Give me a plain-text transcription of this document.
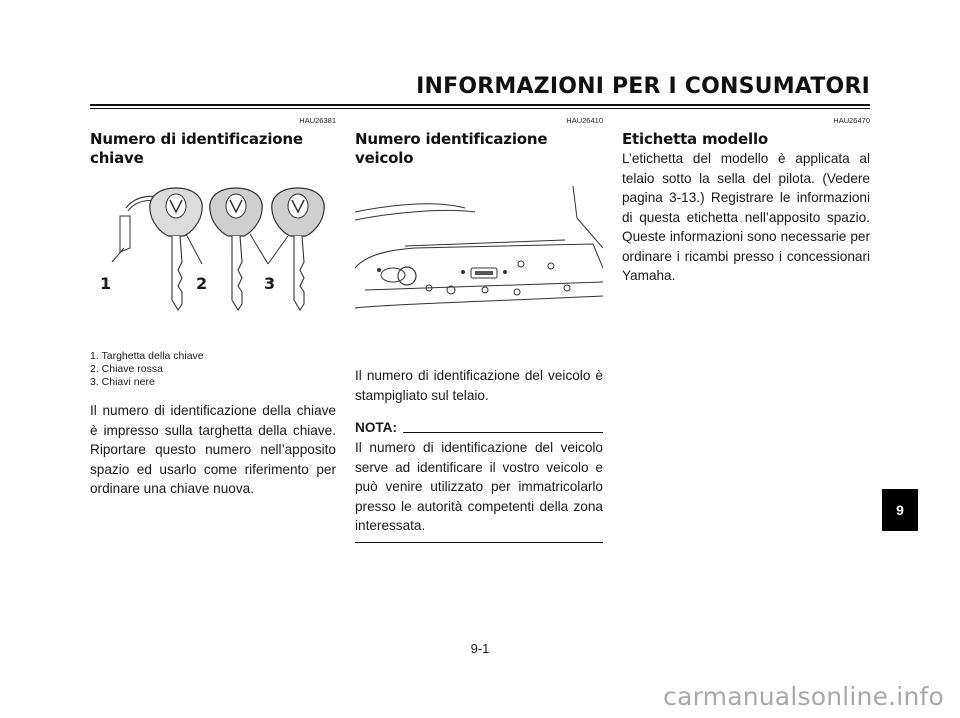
INFORMAZIONI PER I CONSUMATORI
HAU26381
Numero di identificazione chiave
1	2	3
1. Targhetta della chiave
2. Chiave rossa
3. Chiavi nere

Il numero di identificazione della chiave è impresso sulla targhetta della chiave. Riportare questo numero nell’apposito spazio ed usarlo come riferimento per ordinare una chiave nuova.

HAU26410
Numero identificazione veicolo

Il numero di identificazione del veicolo è stampigliato sul telaio.

NOTA:

Il numero di identificazione del veicolo serve ad identificare il vostro veicolo e può venire utilizzato per immatricolarlo presso le autorità competenti della zona interessata.

HAU26470
Etichetta modello

L’etichetta del modello è applicata al telaio sotto la sella del pilota. (Vedere pagina 3-13.) Registrare le informazioni di questa etichetta nell’apposito spazio. Queste informazioni sono necessarie per ordinare i ricambi presso i concessionari Yamaha.

9
9-1
carmanualsonline.info
